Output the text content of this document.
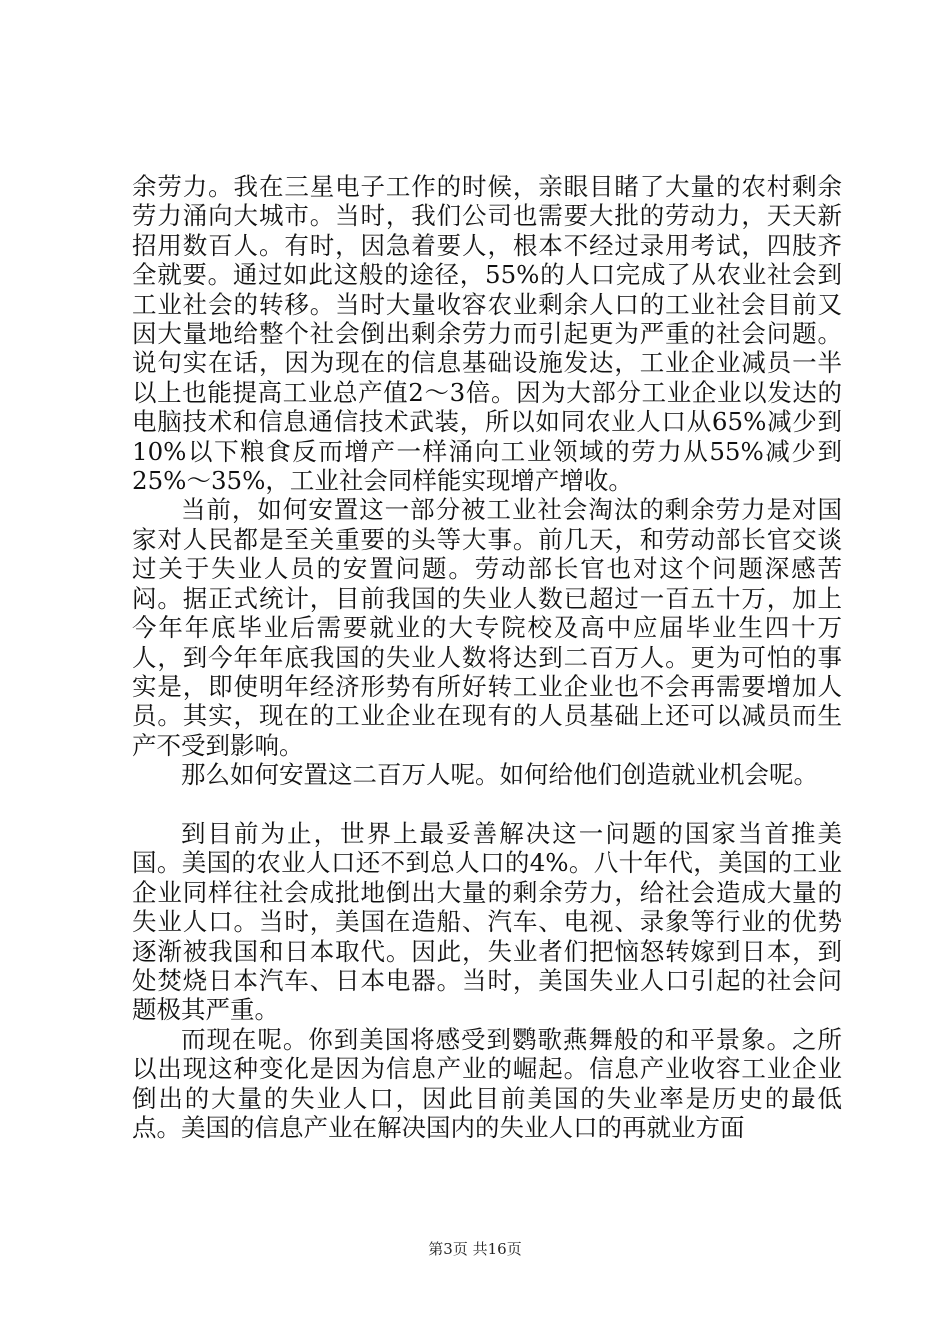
余劳力。我在三星电子工作的时候，亲眼目睹了大量的农村剩余劳力涌向大城市。当时，我们公司也需要大批的劳动力，天天新招用数百人。有时，因急着要人，根本不经过录用考试，四肢齐全就要。通过如此这般的途径，55%的人口完成了从农业社会到工业社会的转移。当时大量收容农业剩余人口的工业社会目前又因大量地给整个社会倒出剩余劳力而引起更为严重的社会问题。说句实在话，因为现在的信息基础设施发达，工业企业减员一半以上也能提高工业总产值2～3倍。因为大部分工业企业以发达的电脑技术和信息通信技术武装，所以如同农业人口从65%减少到10%以下粮食反而增产一样涌向工业领域的劳力从55%减少到25%～35%，工业社会同样能实现增产增收。

当前，如何安置这一部分被工业社会淘汰的剩余劳力是对国家对人民都是至关重要的头等大事。前几天，和劳动部长官交谈过关于失业人员的安置问题。劳动部长官也对这个问题深感苦闷。据正式统计，目前我国的失业人数已超过一百五十万，加上今年年底毕业后需要就业的大专院校及高中应届毕业生四十万人，到今年年底我国的失业人数将达到二百万人。更为可怕的事实是，即使明年经济形势有所好转工业企业也不会再需要增加人员。其实，现在的工业企业在现有的人员基础上还可以减员而生产不受到影响。

那么如何安置这二百万人呢。如何给他们创造就业机会呢。

到目前为止，世界上最妥善解决这一问题的国家当首推美国。美国的农业人口还不到总人口的4%。八十年代，美国的工业企业同样往社会成批地倒出大量的剩余劳力，给社会造成大量的失业人口。当时，美国在造船、汽车、电视、录象等行业的优势逐渐被我国和日本取代。因此，失业者们把恼怒转嫁到日本，到处焚烧日本汽车、日本电器。当时，美国失业人口引起的社会问题极其严重。

而现在呢。你到美国将感受到鹦歌燕舞般的和平景象。之所以出现这种变化是因为信息产业的崛起。信息产业收容工业企业倒出的大量的失业人口，因此目前美国的失业率是历史的最低点。美国的信息产业在解决国内的失业人口的再就业方面

第3页 共16页
